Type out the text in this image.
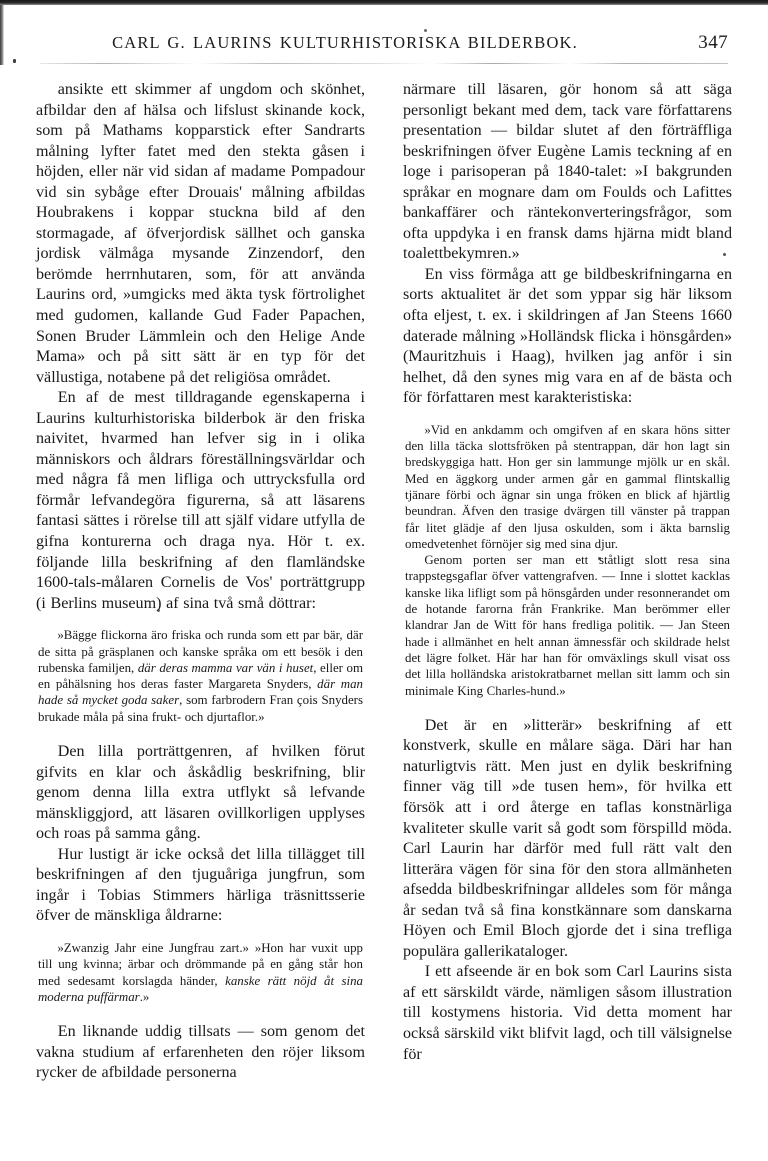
CARL G. LAURINS KULTURHISTORISKA BILDERBOK.	347

ansikte ett skimmer af ungdom och skönhet, afbildar den af hälsa och lifslust skinande kock, som på Mathams kopparstick efter Sandrarts målning lyfter fatet med den stekta gåsen i höjden, eller när vid sidan af madame Pompadour vid sin sybåge efter Drouais' målning afbildas Houbrakens i koppar stuckna bild af den stormagade, af öfverjordisk sällhet och ganska jordisk välmåga mysande Zinzendorf, den berömde herrnhutaren, som, för att använda Laurins ord, »umgicks med äkta tysk förtrolighet med gudomen, kallande Gud Fader Papachen, Sonen Bruder Lämmlein och den Helige Ande Mama» och på sitt sätt är en typ för det vällustiga, notabene på det religiösa området.

En af de mest tilldragande egenskaperna i Laurins kulturhistoriska bilderbok är den friska naivitet, hvarmed han lefver sig in i olika människors och åldrars föreställningsvärldar och med några få men lifliga och uttrycksfulla ord förmår lefvandegöra figurerna, så att läsarens fantasi sättes i rörelse till att själf vidare utfylla de gifna konturerna och draga nya. Hör t. ex. följande lilla beskrifning af den flamländske 1600-tals-målaren Cornelis de Vos' porträttgrupp (i Berlins museum) af sina två små döttrar:

»Bägge flickorna äro friska och runda som ett par bär, där de sitta på gräsplanen och kanske språka om ett besök i den rubenska familjen, där deras mamma var vän i huset, eller om en påhälsning hos deras faster Margareta Snyders, där man hade så mycket goda saker, som farbrodern Fran çois Snyders brukade måla på sina frukt- och djurtaflor.»

Den lilla porträttgenren, af hvilken förut gifvits en klar och åskådlig beskrifning, blir genom denna lilla extra utflykt så lefvande mänskliggjord, att läsaren ovillkorligen upplyses och roas på samma gång.

Hur lustigt är icke också det lilla tillägget till beskrifningen af den tjuguåriga jungfrun, som ingår i Tobias Stimmers härliga träsnittsserie öfver de mänskliga åldrarne:

»Zwanzig Jahr eine Jungfrau zart.» »Hon har vuxit upp till ung kvinna; ärbar och drömmande på en gång står hon med sedesamt korslagda händer, kanske rätt nöjd åt sina moderna puffärmar.»

En liknande uddig tillsats — som genom det vakna studium af erfarenheten den röjer liksom rycker de afbildade personerna

närmare till läsaren, gör honom så att säga personligt bekant med dem, tack vare författarens presentation — bildar slutet af den förträffliga beskrifningen öfver Eugène Lamis teckning af en loge i parisoperan på 1840-talet: »I bakgrunden språkar en mognare dam om Foulds och Lafittes bankaffärer och räntekonverteringsfrågor, som ofta uppdyka i en fransk dams hjärna midt bland toalettbekymren.»

En viss förmåga att ge bildbeskrifningarna en sorts aktualitet är det som yppar sig här liksom ofta eljest, t. ex. i skildringen af Jan Steens 1660 daterade målning »Holländsk flicka i hönsgården» (Mauritzhuis i Haag), hvilken jag anför i sin helhet, då den synes mig vara en af de bästa och för författaren mest karakteristiska:

»Vid en ankdamm och omgifven af en skara höns sitter den lilla täcka slottsfröken på stentrappan, där hon lagt sin bredskyggiga hatt. Hon ger sin lammunge mjölk ur en skål. Med en äggkorg under armen går en gammal flintskallig tjänare förbi och ägnar sin unga fröken en blick af hjärtlig beundran. Äfven den trasige dvärgen till vänster på trappan får litet glädje af den ljusa oskulden, som i äkta barnslig omedvetenhet förnöjer sig med sina djur.

Genom porten ser man ett ståtligt slott resa sina trappstegsgaflar öfver vattengrafven. — Inne i slottet kacklas kanske lika lifligt som på hönsgården under resonnerandet om de hotande farorna från Frankrike. Man berömmer eller klandrar Jan de Witt för hans fredliga politik. — Jan Steen hade i allmänhet en helt annan ämnessfär och skildrade helst det lägre folket. Här har han för omväxlings skull visat oss det lilla holländska aristokratbarnet mellan sitt lamm och sin minimale King Charles-hund.»

Det är en »litterär» beskrifning af ett konstverk, skulle en målare säga. Däri har han naturligtvis rätt. Men just en dylik beskrifning finner väg till »de tusen hem», för hvilka ett försök att i ord återge en taflas konstnärliga kvaliteter skulle varit så godt som förspilld möda. Carl Laurin har därför med full rätt valt den litterära vägen för sina för den stora allmänheten afsedda bildbeskrifningar alldeles som för många år sedan två så fina konstkännare som danskarna Höyen och Emil Bloch gjorde det i sina trefliga populära gallerikataloger.

I ett afseende är en bok som Carl Laurins sista af ett särskildt värde, nämligen såsom illustration till kostymens historia. Vid detta moment har också särskild vikt blifvit lagd, och till välsignelse för
